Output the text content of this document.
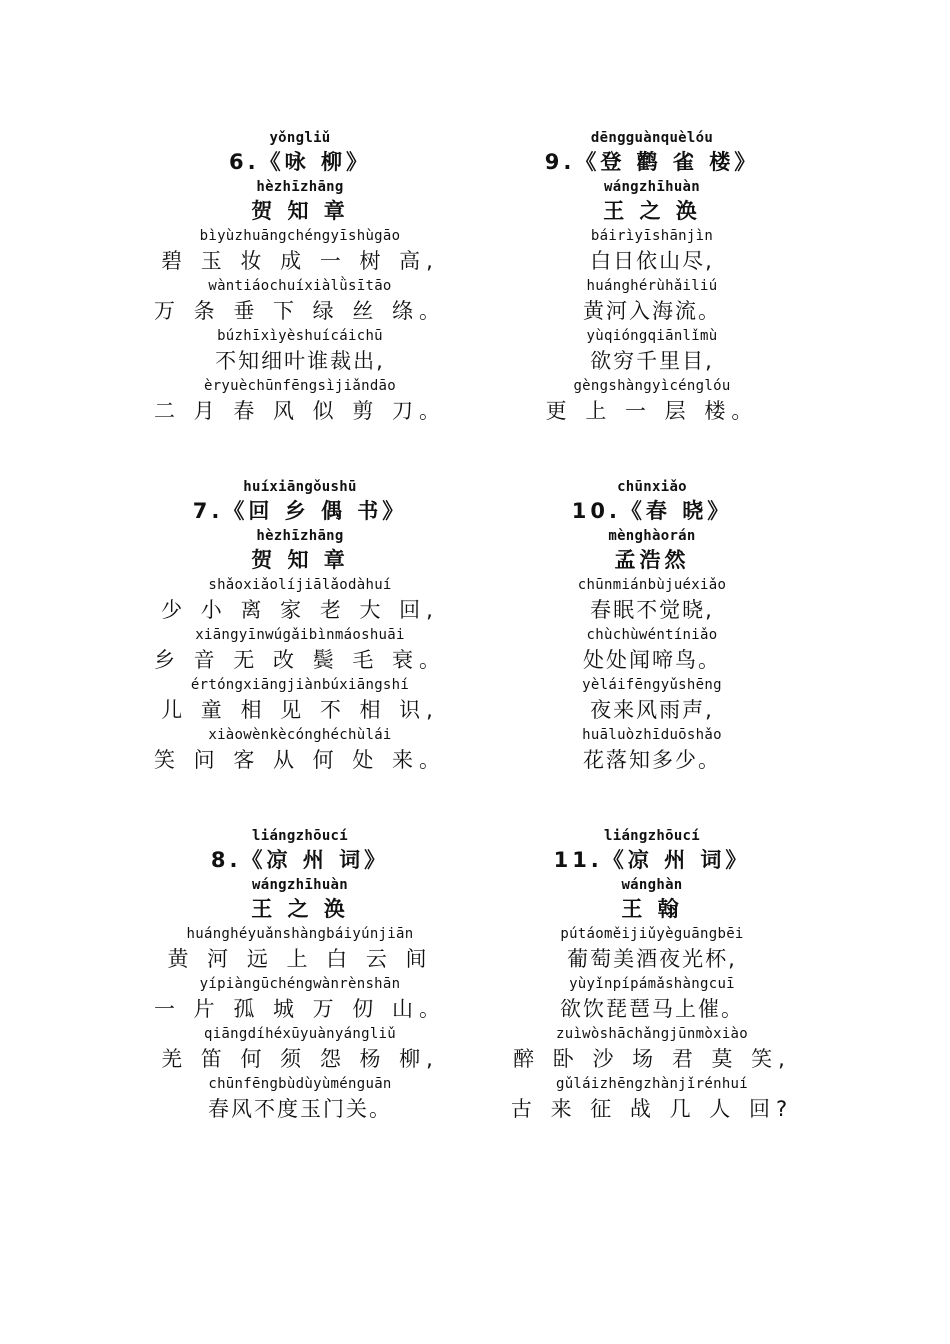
yǒngliǔ
6.《咏 柳》
hèzhīzhāng
贺 知 章
bìyùzhuāngchéngyīshùgāo
碧 玉 妆 成 一 树 高,
wàntiáochuíxiàlǜsītāo
万 条 垂 下 绿 丝 绦。
búzhīxìyèshuícáichū
不知细叶谁裁出,
èryuèchūnfēngsìjiǎndāo
二 月 春 风 似 剪 刀。
dēngguànquèlóu
9.《登 鹳 雀 楼》
wángzhīhuàn
王 之 涣
báirìyīshānjìn
白日依山尽,
huánghérùhǎiliú
黄河入海流。
yùqióngqiānlǐmù
欲穷千里目,
gèngshàngyìcénglóu
更 上 一 层 楼。
huíxiāngǒushū
7.《回 乡 偶 书》
hèzhīzhāng
贺 知 章
shǎoxiǎolíjiālǎodàhuí
少 小 离 家 老 大 回,
xiāngyīnwúgǎibìnmáoshuāi
乡 音 无 改 鬓 毛 衰。
értóngxiāngjiànbúxiāngshí
儿 童 相 见 不 相 识,
xiàowènkècónghéchùlái
笑 问 客 从 何 处 来。
chūnxiǎo
10.《春 晓》
mènghàorán
孟浩然
chūnmiánbùjuéxiǎo
春眠不觉晓,
chùchùwéntíniǎo
处处闻啼鸟。
yèláifēngyǔshēng
夜来风雨声,
huāluòzhīduōshǎo
花落知多少。
liángzhōucí
8.《凉 州 词》
wángzhīhuàn
王 之 涣
huánghéyuǎnshàngbáiyúnjiān
黄 河 远 上 白 云 间
yípiàngūchéngwànrènshān
一 片 孤 城 万 仞 山。
qiāngdíhéxūyuànyángliǔ
羌 笛 何 须 怨 杨 柳,
chūnfēngbùdùyùménguān
春风不度玉门关。
liángzhōucí
11.《凉 州 词》
wánghàn
王 翰
pútáoměijiǔyèguāngbēi
葡萄美酒夜光杯,
yùyǐnpípámǎshàngcuī
欲饮琵琶马上催。
zuìwòshāchǎngjūnmòxiào
醉 卧 沙 场 君 莫 笑,
gǔláizhēngzhànjǐrénhuí
古 来 征 战 几 人 回?
